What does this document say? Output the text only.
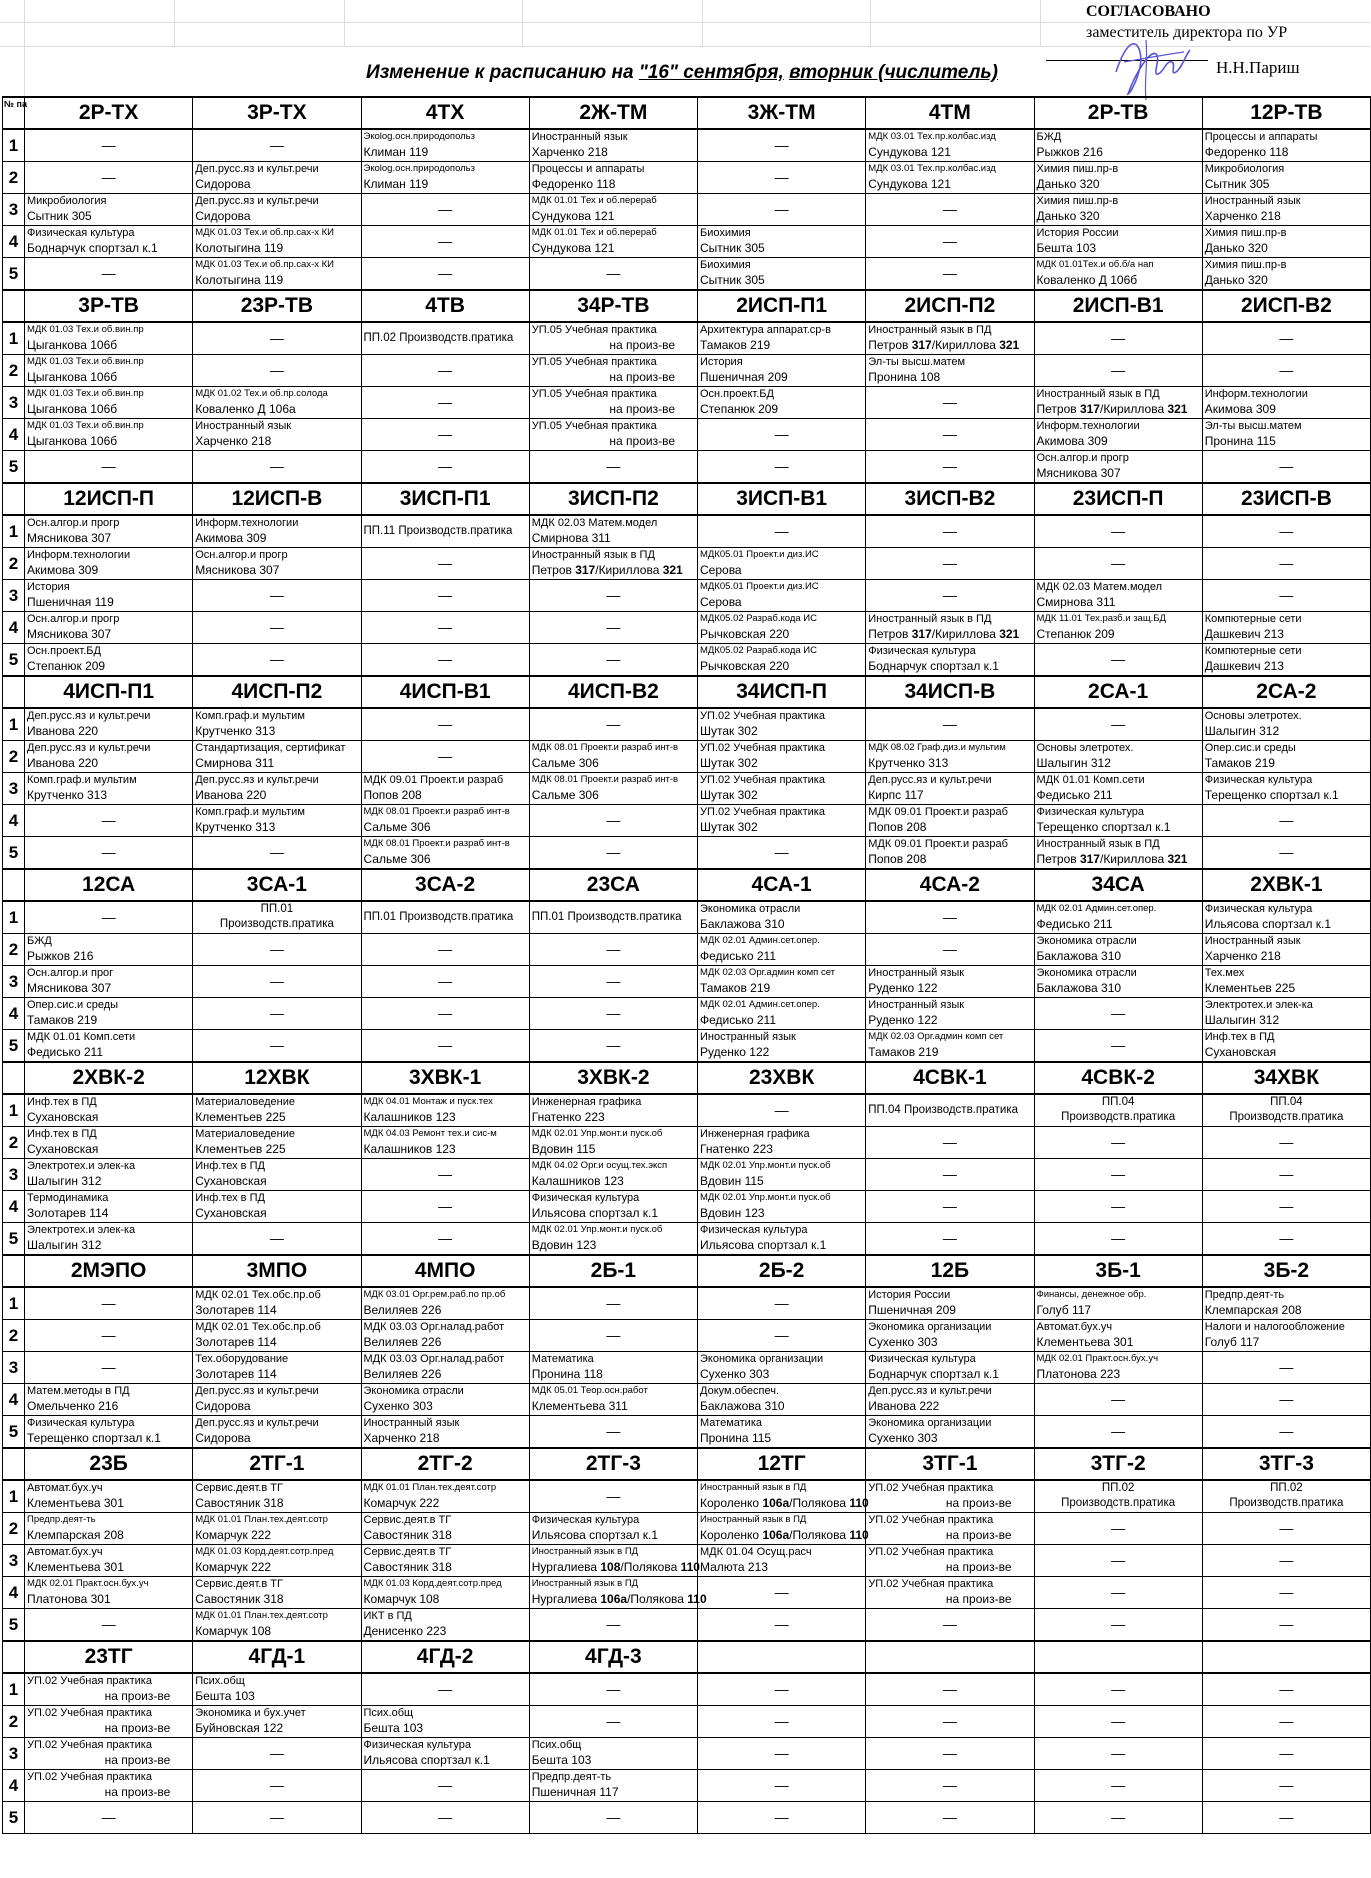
СОГЛАСОВАНО
заместитель директора по УР
Н.Н.Париш
Изменение к расписанию на "16" сентября, вторник (числитель)
№ па	2Р-ТХ	3Р-ТХ	4ТХ	2Ж-ТМ	3Ж-ТМ	4ТМ	2Р-ТВ	12Р-ТВ
1	—	—	Экolog.осн.природопольз
Климан 119	Иностранный язык
Харченко 218	—	МДК 03.01 Тех.пр.колбас.изд
Сундукова 121	БЖД
Рыжков 216	Процессы и аппараты
Федоренко 118

2	—	Деп.русс.яз и культ.речи
Сидорова	Экolog.осн.природопольз
Климан 119	Процессы и аппараты
Федоренко 118	—	МДК 03.01 Тех.пр.колбас.изд
Сундукова 121	Химия пиш.пр-в
Данько 320	Микробиология
Сытник 305

3	Микробиология
Сытник 305	Деп.русс.яз и культ.речи
Сидорова	—	МДК 01.01 Тех и об.перераб
Сундукова 121	—	—	Химия пиш.пр-в
Данько 320	Иностранный язык
Харченко 218

4	Физическая культура
Боднарчук спортзал к.1	МДК 01.03 Тех.и об.пр.сах-х КИ
Колотыгина 119	—	МДК 01.01 Тех и об.перераб
Сундукова 121	Биохимия
Сытник 305	—	История России
Бешта 103	Химия пиш.пр-в
Данько 320

5	—	МДК 01.03 Тех.и об.пр.сах-х КИ
Колотыгина 119	—	—	Биохимия
Сытник 305	—	МДК 01.01Тех.и об.б/а нап
Коваленко Д 106б	Химия пиш.пр-в
Данько 320

	3Р-ТВ	23Р-ТВ	4ТВ	34Р-ТВ	2ИСП-П1	2ИСП-П2	2ИСП-В1	2ИСП-В2
1	МДК 01.03 Тех.и об.вин.пр
Цыганкова 106б	—	ПП.02 Производств.пратика	УП.05 Учебная практика
на произ-ве	Архитектура аппарат.ср-в
Тамаков 219	Иностранный язык в ПД
Петров 317/Кириллова 321	—	—

2	МДК 01.03 Тех.и об.вин.пр
Цыганкова 106б	—	—	УП.05 Учебная практика
на произ-ве	История
Пшеничная 209	Эл-ты высш.матем
Пронина 108	—	—

3	МДК 01.03 Тех.и об.вин.пр
Цыганкова 106б	МДК 01.02 Тех.и об.пр.солода
Коваленко Д 106а	—	УП.05 Учебная практика
на произ-ве	Осн.проект.БД
Степанюк 209	—	Иностранный язык в ПД
Петров 317/Кириллова 321	Информ.технологии
Акимова 309

4	МДК 01.03 Тех.и об.вин.пр
Цыганкова 106б	Иностранный язык
Харченко 218	—	УП.05 Учебная практика
на произ-ве	—	—	Информ.технологии
Акимова 309	Эл-ты высш.матем
Пронина 115

5	—	—	—	—	—	—	Осн.алгор.и прогр
Мясникова 307	—

	12ИСП-П	12ИСП-В	3ИСП-П1	3ИСП-П2	3ИСП-В1	3ИСП-В2	23ИСП-П	23ИСП-В
1	Осн.алгор.и прогр
Мясникова 307	Информ.технологии
Акимова 309	ПП.11 Производств.пратика	МДК 02.03 Матем.модел
Смирнова 311	—	—	—	—

2	Информ.технологии
Акимова 309	Осн.алгор.и прогр
Мясникова 307	—	Иностранный язык в ПД
Петров 317/Кириллова 321	МДК05.01 Проект.и диз.ИС
Серова	—	—	—

3	История
Пшеничная 119	—	—	—	МДК05.01 Проект.и диз.ИС
Серова	—	МДК 02.03 Матем.модел
Смирнова 311	—

4	Осн.алгор.и прогр
Мясникова 307	—	—	—	МДК05.02 Разраб.кода ИС
Рычковская 220	Иностранный язык в ПД
Петров 317/Кириллова 321	МДК 11.01 Тех.разб.и защ.БД
Степанюк 209	Компютерные сети
Дашкевич 213

5	Осн.проект.БД
Степанюк 209	—	—	—	МДК05.02 Разраб.кода ИС
Рычковская 220	Физическая культура
Боднарчук спортзал к.1	—	Компютерные сети
Дашкевич 213

	4ИСП-П1	4ИСП-П2	4ИСП-В1	4ИСП-В2	34ИСП-П	34ИСП-В	2СА-1	2СА-2
1	Деп.русс.яз и культ.речи
Иванова 220	Комп.граф.и мультим
Крутченко 313	—	—	УП.02 Учебная практика
Шутак 302	—	—	Основы элетротех.
Шалыгин 312

2	Деп.русс.яз и культ.речи
Иванова 220	Стандартизация, сертификат
Смирнова 311	—	МДК 08.01 Проект.и разраб инт-в
Сальме 306	УП.02 Учебная практика
Шутак 302	МДК 08.02 Граф.диз.и мультим
Крутченко 313	Основы элетротех.
Шалыгин 312	Опер.сис.и среды
Тамаков 219

3	Комп.граф.и мультим
Крутченко 313	Деп.русс.яз и культ.речи
Иванова 220	МДК 09.01 Проект.и разраб
Попов 208	МДК 08.01 Проект.и разраб инт-в
Сальме 306	УП.02 Учебная практика
Шутак 302	Деп.русс.яз и культ.речи
Кирпс 117	МДК 01.01 Комп.сети
Федисько 211	Физическая культура
Терещенко спортзал к.1

4	—	Комп.граф.и мультим
Крутченко 313	МДК 08.01 Проект.и разраб инт-в
Сальме 306	—	УП.02 Учебная практика
Шутак 302	МДК 09.01 Проект.и разраб
Попов 208	Физическая культура
Терещенко спортзал к.1	—

5	—	—	МДК 08.01 Проект.и разраб инт-в
Сальме 306	—	—	МДК 09.01 Проект.и разраб
Попов 208	Иностранный язык в ПД
Петров 317/Кириллова 321	—

	12СА	3СА-1	3СА-2	23СА	4СА-1	4СА-2	34СА	2ХВК-1
1	—	ПП.01
Производств.пратика	ПП.01 Производств.пратика	ПП.01 Производств.пратика	Экономика отрасли
Баклажова 310	—	МДК 02.01 Админ.сет.опер.
Федисько 211	Физическая культура
Ильясова спортзал к.1

2	БЖД
Рыжков 216	—	—	—	МДК 02.01 Админ.сет.опер.
Федисько 211	—	Экономика отрасли
Баклажова 310	Иностранный язык
Харченко 218

3	Осн.алгор.и прог
Мясникова 307	—	—	—	МДК 02.03 Орг.админ комп сет
Тамаков 219	Иностранный язык
Руденко 122	Экономика отрасли
Баклажова 310	Тех.мех
Клементьев 225

4	Опер.сис.и среды
Тамаков 219	—	—	—	МДК 02.01 Админ.сет.опер.
Федисько 211	Иностранный язык
Руденко 122	—	Электротех.и элек-ка
Шалыгин 312

5	МДК 01.01 Комп.сети
Федисько 211	—	—	—	Иностранный язык
Руденко 122	МДК 02.03 Орг.админ комп сет
Тамаков 219	—	Инф.тех в ПД
Сухановская

	2ХВК-2	12ХВК	3ХВК-1	3ХВК-2	23ХВК	4СВК-1	4СВК-2	34ХВК
1	Инф.тех в ПД
Сухановская	Материаловедение
Клементьев 225	МДК 04.01 Монтаж и пуск.тех
Калашников 123	Инженерная графика
Гнатенко 223	—	ПП.04 Производств.пратика	ПП.04
Производств.пратика	ПП.04
Производств.пратика

2	Инф.тех в ПД
Сухановская	Материаловедение
Клементьев 225	МДК 04.03 Ремонт тех.и сис-м
Калашников 123	МДК 02.01 Упр.монт.и пуск.об
Вдовин 115	Инженерная графика
Гнатенко 223	—	—	—

3	Электротех.и элек-ка
Шалыгин 312	Инф.тех в ПД
Сухановская	—	МДК 04.02 Орг.и осущ.тех.эксп
Калашников 123	МДК 02.01 Упр.монт.и пуск.об
Вдовин 115	—	—	—

4	Термодинамика
Золотарев 114	Инф.тех в ПД
Сухановская	—	Физическая культура
Ильясова спортзал к.1	МДК 02.01 Упр.монт.и пуск.об
Вдовин 123	—	—	—

5	Электротех.и элек-ка
Шалыгин 312	—	—	МДК 02.01 Упр.монт.и пуск.об
Вдовин 123	Физическая культура
Ильясова спортзал к.1	—	—	—

	2МЭПО	3МПО	4МПО	2Б-1	2Б-2	12Б	3Б-1	3Б-2
1	—	МДК 02.01 Тех.обс.пр.об
Золотарев 114	МДК 03.01 Орг.рем.раб.по пр.об
Велиляев 226	—	—	История России
Пшеничная 209	Финансы, денежное обр.
Голуб 117	Предпр.деят-ть
Клемпарская 208

2	—	МДК 02.01 Тех.обс.пр.об
Золотарев 114	МДК 03.03 Орг.налад.работ
Велиляев 226	—	—	Экономика организации
Сухенко 303	Автомат.бух.уч
Клементьева 301	Налоги и налогообложение
Голуб 117

3	—	Тех.оборудование
Золотарев 114	МДК 03.03 Орг.налад.работ
Велиляев 226	Математика
Пронина 118	Экономика организации
Сухенко 303	Физическая культура
Боднарчук спортзал к.1	МДК 02.01 Практ.осн.бух.уч
Платонова 223	—

4	Матем.методы в ПД
Омельченко 216	Деп.русс.яз и культ.речи
Сидорова	Экономика отрасли
Сухенко 303	МДК 05.01 Теор.осн.работ
Клементьева 311	Докум.обеспеч.
Баклажова 310	Деп.русс.яз и культ.речи
Иванова 222	—	—

5	Физическая культура
Терещенко спортзал к.1	Деп.русс.яз и культ.речи
Сидорова	Иностранный язык
Харченко 218	—	Математика
Пронина 115	Экономика организации
Сухенко 303	—	—

	23Б	2ТГ-1	2ТГ-2	2ТГ-3	12ТГ	3ТГ-1	3ТГ-2	3ТГ-3
1	Автомат.бух.уч
Клементьева 301	Сервис.деят.в ТГ
Савостяник 318	МДК 01.01 План.тех.деят.сотр
Комарчук 222	—	Иностранный язык в ПД
Короленко 106а/Полякова 110	УП.02 Учебная практика
на произ-ве	ПП.02
Производств.пратика	ПП.02
Производств.пратика

2	Предпр.деят-ть
Клемпарская 208	МДК 01.01 План.тех.деят.сотр
Комарчук 222	Сервис.деят.в ТГ
Савостяник 318	Физическая культура
Ильясова спортзал к.1	Иностранный язык в ПД
Короленко 106а/Полякова 110	УП.02 Учебная практика
на произ-ве	—	—

3	Автомат.бух.уч
Клементьева 301	МДК 01.03 Корд.деят.сотр.пред
Комарчук 222	Сервис.деят.в ТГ
Савостяник 318	Иностранный язык в ПД
Нургалиева 108/Полякова 110	МДК 01.04 Осущ.расч
Малюта 213	УП.02 Учебная практика
на произ-ве	—	—

4	МДК 02.01 Практ.осн.бух.уч
Платонова 301	Сервис.деят.в ТГ
Савостяник 318	МДК 01.03 Корд.деят.сотр.пред
Комарчук 108	Иностранный язык в ПД
Нургалиева 106а/Полякова 110	—	УП.02 Учебная практика
на произ-ве	—	—

5	—	МДК 01.01 План.тех.деят.сотр
Комарчук 108	ИКТ в ПД
Денисенко 223	—	—	—	—	—

	23ТГ	4ГД-1	4ГД-2	4ГД-3				
1	УП.02 Учебная практика
на произ-ве	Псих.общ
Бешта 103	—	—	—	—	—	—

2	УП.02 Учебная практика
на произ-ве	Экономика и бух.учет
Буйновская 122	Псих.общ
Бешта 103	—	—	—	—	—

3	УП.02 Учебная практика
на произ-ве	—	Физическая культура
Ильясова спортзал к.1	Псих.общ
Бешта 103	—	—	—	—

4	УП.02 Учебная практика
на произ-ве	—	—	Предпр.деят-ть
Пшеничная 117	—	—	—	—

5	—	—	—	—	—	—	—	—
